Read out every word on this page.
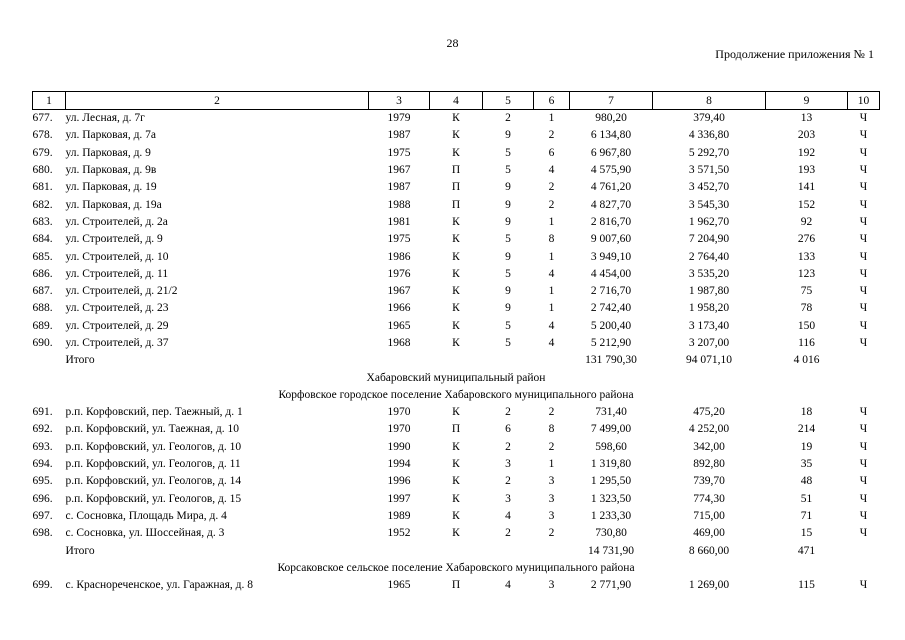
28
Продолжение приложения № 1
1	2	3	4	5	6	7	8	9	10
677.	ул. Лесная, д. 7г	1979	К	2	1	980,20	379,40	13	Ч
678.	ул. Парковая, д. 7а	1987	К	9	2	6 134,80	4 336,80	203	Ч
679.	ул. Парковая, д. 9	1975	К	5	6	6 967,80	5 292,70	192	Ч
680.	ул. Парковая, д. 9в	1967	П	5	4	4 575,90	3 571,50	193	Ч
681.	ул. Парковая, д. 19	1987	П	9	2	4 761,20	3 452,70	141	Ч
682.	ул. Парковая, д. 19а	1988	П	9	2	4 827,70	3 545,30	152	Ч
683.	ул. Строителей, д. 2а	1981	К	9	1	2 816,70	1 962,70	92	Ч
684.	ул. Строителей, д. 9	1975	К	5	8	9 007,60	7 204,90	276	Ч
685.	ул. Строителей, д. 10	1986	К	9	1	3 949,10	2 764,40	133	Ч
686.	ул. Строителей, д. 11	1976	К	5	4	4 454,00	3 535,20	123	Ч
687.	ул. Строителей, д. 21/2	1967	К	9	1	2 716,70	1 987,80	75	Ч
688.	ул. Строителей, д. 23	1966	К	9	1	2 742,40	1 958,20	78	Ч
689.	ул. Строителей, д. 29	1965	К	5	4	5 200,40	3 173,40	150	Ч
690.	ул. Строителей, д. 37	1968	К	5	4	5 212,90	3 207,00	116	Ч
	Итого					131 790,30	94 071,10	4 016	
Хабаровский муниципальный район									
Корфовское городское поселение Хабаровского муниципального района									
691.	р.п. Корфовский, пер. Таежный, д. 1	1970	К	2	2	731,40	475,20	18	Ч
692.	р.п. Корфовский, ул. Таежная, д. 10	1970	П	6	8	7 499,00	4 252,00	214	Ч
693.	р.п. Корфовский, ул. Геологов, д. 10	1990	К	2	2	598,60	342,00	19	Ч
694.	р.п. Корфовский, ул. Геологов, д. 11	1994	К	3	1	1 319,80	892,80	35	Ч
695.	р.п. Корфовский, ул. Геологов, д. 14	1996	К	2	3	1 295,50	739,70	48	Ч
696.	р.п. Корфовский, ул. Геологов, д. 15	1997	К	3	3	1 323,50	774,30	51	Ч
697.	с. Сосновка, Площадь Мира, д. 4	1989	К	4	3	1 233,30	715,00	71	Ч
698.	с. Сосновка, ул. Шоссейная, д. 3	1952	К	2	2	730,80	469,00	15	Ч
	Итого					14 731,90	8 660,00	471	
Корсаковское сельское поселение Хабаровского муниципального района									
699.	с. Краснореченское, ул. Гаражная, д. 8	1965	П	4	3	2 771,90	1 269,00	115	Ч
